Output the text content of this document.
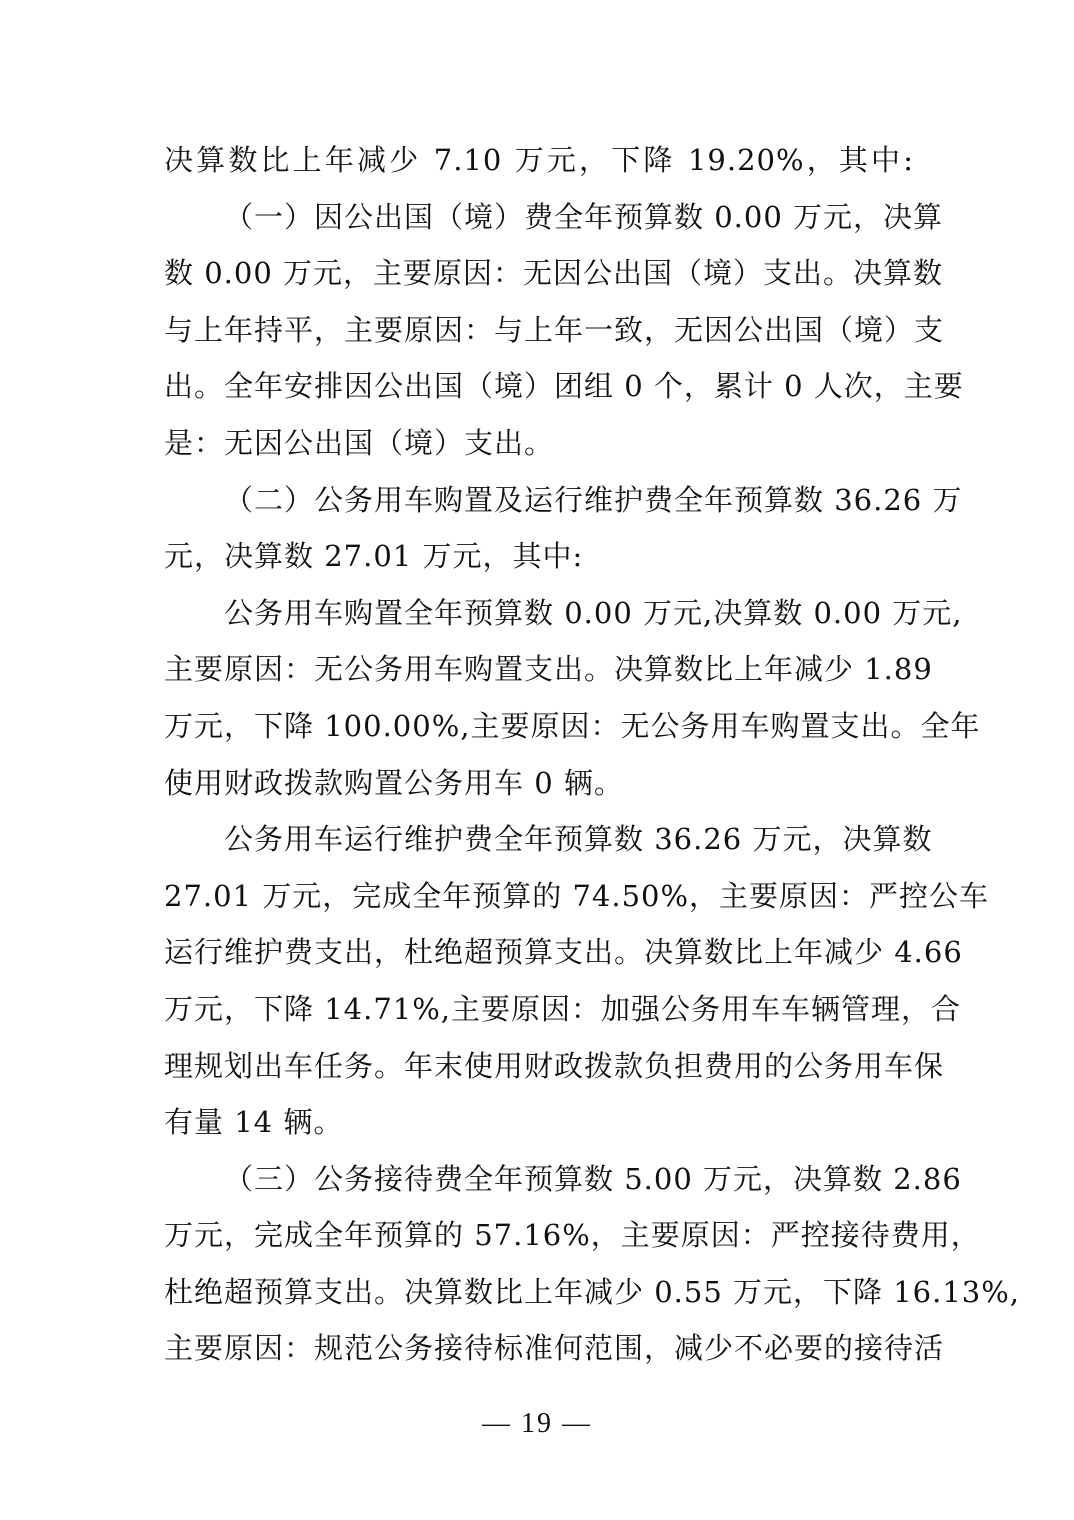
决算数比上年减少 7.10 万元，下降 19.20%，其中:
（一）因公出国（境）费全年预算数 0.00 万元，决算
数 0.00 万元，主要原因：无因公出国（境）支出。决算数
与上年持平，主要原因：与上年一致，无因公出国（境）支
出。全年安排因公出国（境）团组 0 个，累计 0 人次，主要
是：无因公出国（境）支出。
（二）公务用车购置及运行维护费全年预算数 36.26 万
元，决算数 27.01 万元，其中:
公务用车购置全年预算数 0.00 万元,决算数 0.00 万元,
主要原因：无公务用车购置支出。决算数比上年减少 1.89
万元，下降 100.00%,主要原因：无公务用车购置支出。全年
使用财政拨款购置公务用车 0 辆。
公务用车运行维护费全年预算数 36.26 万元，决算数
27.01 万元，完成全年预算的 74.50%，主要原因：严控公车
运行维护费支出，杜绝超预算支出。决算数比上年减少 4.66
万元，下降 14.71%,主要原因：加强公务用车车辆管理，合
理规划出车任务。年末使用财政拨款负担费用的公务用车保
有量 14 辆。
（三）公务接待费全年预算数 5.00 万元，决算数 2.86
万元，完成全年预算的 57.16%，主要原因：严控接待费用，
杜绝超预算支出。决算数比上年减少 0.55 万元，下降 16.13%,
主要原因：规范公务接待标准何范围，减少不必要的接待活
— 19 —
